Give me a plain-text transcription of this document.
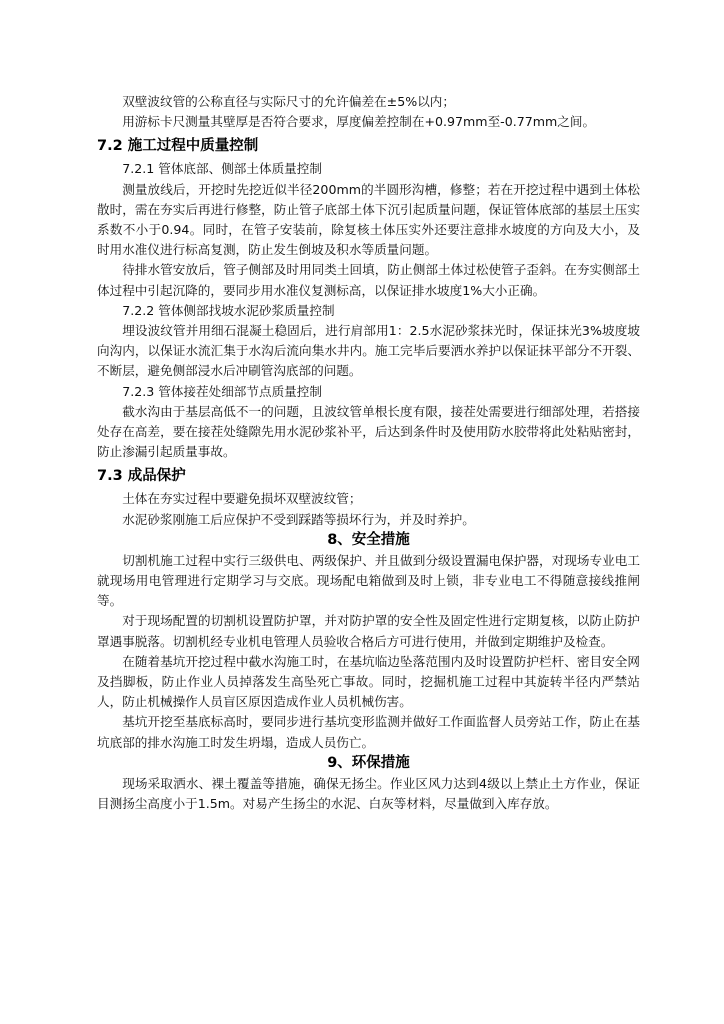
双壁波纹管的公称直径与实际尺寸的允许偏差在±5%以内；

用游标卡尺测量其壁厚是否符合要求，厚度偏差控制在+0.97mm至-0.77mm之间。

7.2 施工过程中质量控制

7.2.1 管体底部、侧部土体质量控制

测量放线后，开挖时先挖近似半径200mm的半圆形沟槽，修整；若在开挖过程中遇到土体松散时，需在夯实后再进行修整，防止管子底部土体下沉引起质量问题，保证管体底部的基层土压实系数不小于0.94。同时，在管子安装前，除复核土体压实外还要注意排水坡度的方向及大小，及时用水准仪进行标高复测，防止发生倒坡及积水等质量问题。

待排水管安放后，管子侧部及时用同类土回填，防止侧部土体过松使管子歪斜。在夯实侧部土体过程中引起沉降的，要同步用水准仪复测标高，以保证排水坡度1%大小正确。

7.2.2 管体侧部找坡水泥砂浆质量控制

埋设波纹管并用细石混凝土稳固后，进行肩部用1：2.5水泥砂浆抹光时，保证抹光3%坡度坡向沟内，以保证水流汇集于水沟后流向集水井内。施工完毕后要洒水养护以保证抹平部分不开裂、不断层，避免侧部浸水后冲刷管沟底部的问题。

7.2.3 管体接茬处细部节点质量控制

截水沟由于基层高低不一的问题，且波纹管单根长度有限，接茬处需要进行细部处理，若搭接处存在高差，要在接茬处缝隙先用水泥砂浆补平，后达到条件时及使用防水胶带将此处粘贴密封，防止渗漏引起质量事故。

7.3 成品保护

土体在夯实过程中要避免损坏双壁波纹管；

水泥砂浆刚施工后应保护不受到踩踏等损坏行为，并及时养护。

8、安全措施

切割机施工过程中实行三级供电、两级保护、并且做到分级设置漏电保护器，对现场专业电工就现场用电管理进行定期学习与交底。现场配电箱做到及时上锁，非专业电工不得随意接线推闸等。

对于现场配置的切割机设置防护罩，并对防护罩的安全性及固定性进行定期复核，以防止防护罩遇事脱落。切割机经专业机电管理人员验收合格后方可进行使用，并做到定期维护及检查。

在随着基坑开挖过程中截水沟施工时，在基坑临边坠落范围内及时设置防护栏杆、密目安全网及挡脚板，防止作业人员掉落发生高坠死亡事故。同时，挖掘机施工过程中其旋转半径内严禁站人，防止机械操作人员盲区原因造成作业人员机械伤害。

基坑开挖至基底标高时，要同步进行基坑变形监测并做好工作面监督人员旁站工作，防止在基坑底部的排水沟施工时发生坍塌，造成人员伤亡。

9、环保措施

现场采取洒水、裸土覆盖等措施，确保无扬尘。作业区风力达到4级以上禁止土方作业，保证目测扬尘高度小于1.5m。对易产生扬尘的水泥、白灰等材料，尽量做到入库存放。
